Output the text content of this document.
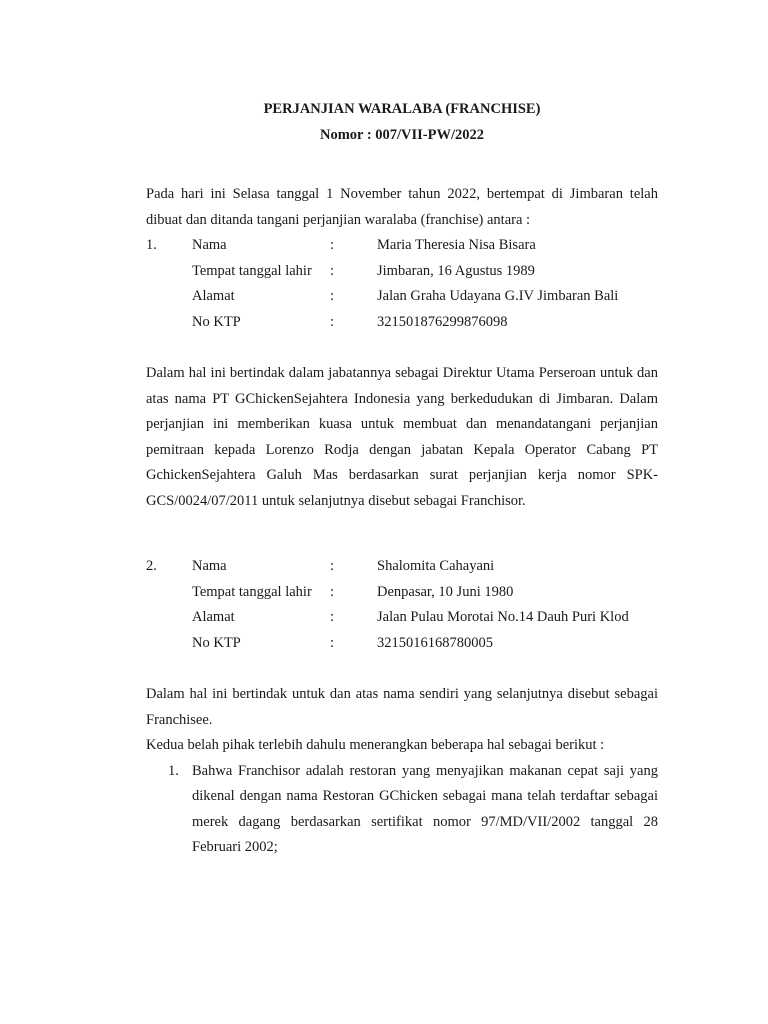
PERJANJIAN WARALABA (FRANCHISE)
Nomor : 007/VII-PW/2022

Pada hari ini Selasa tanggal 1 November tahun 2022, bertempat di Jimbaran telah dibuat dan ditanda tangani perjanjian waralaba (franchise) antara :

1. Nama	:	Maria Theresia Nisa Bisara
Tempat tanggal lahir :	Jimbaran, 16 Agustus 1989
Alamat	:	Jalan Graha Udayana G.IV Jimbaran Bali
No KTP	:	321501876299876098

Dalam hal ini bertindak dalam jabatannya sebagai Direktur Utama Perseroan untuk dan atas nama PT GChickenSejahtera Indonesia yang berkedudukan di Jimbaran. Dalam perjanjian ini memberikan kuasa untuk membuat dan menandatangani perjanjian pemitraan kepada Lorenzo Rodja dengan jabatan Kepala Operator Cabang PT GchickenSejahtera Galuh Mas berdasarkan surat perjanjian kerja nomor SPK-GCS/0024/07/2011 untuk selanjutnya disebut sebagai Franchisor.

2. Nama	:	Shalomita Cahayani
Tempat tanggal lahir :	Denpasar, 10 Juni 1980
Alamat	:	Jalan Pulau Morotai No.14 Dauh Puri Klod
No KTP	:	3215016168780005

Dalam hal ini bertindak untuk dan atas nama sendiri yang selanjutnya disebut sebagai Franchisee.

Kedua belah pihak terlebih dahulu menerangkan beberapa hal sebagai berikut :
1. Bahwa Franchisor adalah restoran yang menyajikan makanan cepat saji yang dikenal dengan nama Restoran GChicken sebagai mana telah terdaftar sebagai merek dagang berdasarkan sertifikat nomor 97/MD/VII/2002 tanggal 28 Februari 2002;
